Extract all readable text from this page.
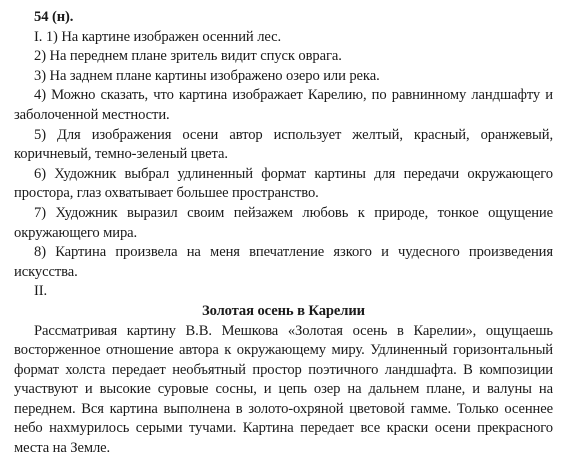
54 (н).

I. 1) На картине изображен осенний лес.

2) На переднем плане зритель видит спуск оврага.

3) На заднем плане картины изображено озеро или река.

4) Можно сказать, что картина изображает Карелию, по равнинному ландшафту и заболоченной местности.

5) Для изображения осени автор использует желтый, красный, оранжевый, коричневый, темно-зеленый цвета.

6) Художник выбрал удлиненный формат картины для передачи окружающего простора, глаз охватывает большее пространство.

7) Художник выразил своим пейзажем любовь к природе, тонкое ощущение окружающего мира.

8) Картина произвела на меня впечатление язкого и чудесного произведения искусства.

II.

Золотая осень в Карелии

Рассматривая картину В.В. Мешкова «Золотая осень в Карелии», ощущаешь восторженное отношение автора к окружающему миру. Удлиненный горизонтальный формат холста передает необъятный простор поэтичного ландшафта. В композиции участвуют и высокие суровые сосны, и цепь озер на дальнем плане, и валуны на переднем. Вся картина выполнена в золото-охряной цветовой гамме. Только осеннее небо нахмурилось серыми тучами. Картина передает все краски осени прекрасного места на Земле.
